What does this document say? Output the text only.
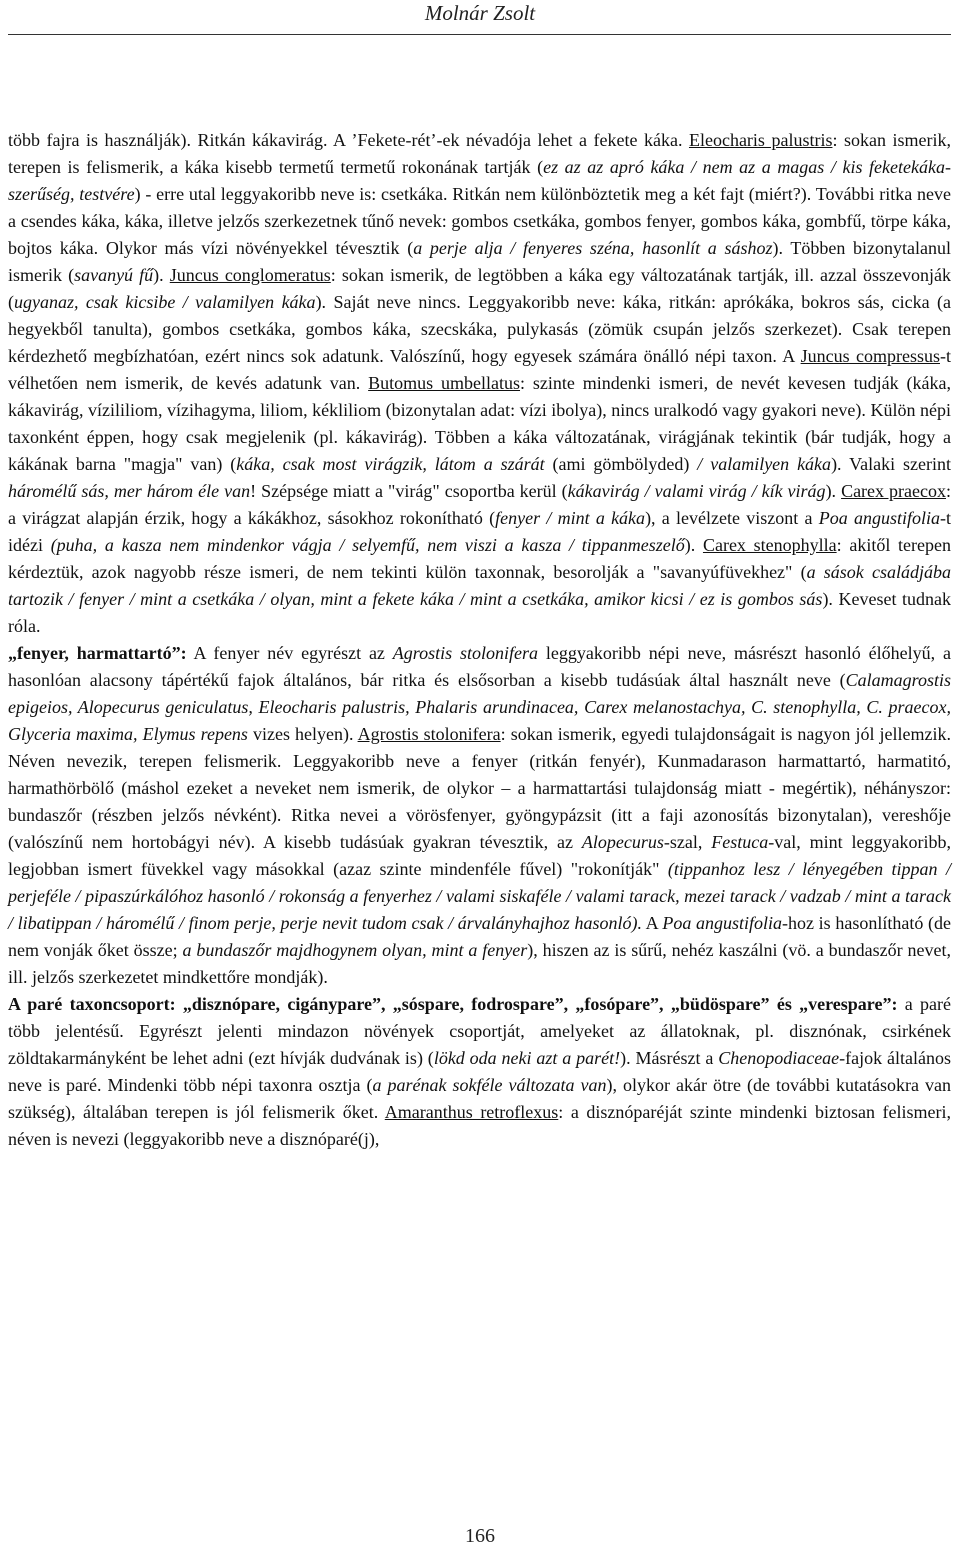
Molnár Zsolt

több fajra is használják). Ritkán kákavirág. A ’Fekete-rét’-ek névadója lehet a fekete káka. Eleocharis palustris: sokan ismerik, terepen is felismerik, a káka kisebb termetű termetű rokonának tartják (ez az az apró káka / nem az a magas / kis feketekáka-szerűség, testvére) - erre utal leggyakoribb neve is: csetkáka. Ritkán nem különböztetik meg a két fajt (miért?). További ritka neve a csendes káka, káka, illetve jelzős szerkezetnek tűnő nevek: gombos csetkáka, gombos fenyer, gombos káka, gombfű, törpe káka, bojtos káka. Olykor más vízi növényekkel tévesztik (a perje alja / fenyeres széna, hasonlít a sáshoz). Többen bizonytalanul ismerik (savanyú fű). Juncus conglomeratus: sokan ismerik, de legtöbben a káka egy változatának tartják, ill. azzal összevonják (ugyanaz, csak kicsibe / valamilyen káka). Saját neve nincs. Leggyakoribb neve: káka, ritkán: aprókáka, bokros sás, cicka (a hegyekből tanulta), gombos csetkáka, gombos káka, szecskáka, pulykasás (zömük csupán jelzős szerkezet). Csak terepen kérdezhető megbízhatóan, ezért nincs sok adatunk. Valószínű, hogy egyesek számára önálló népi taxon. A Juncus compressus-t vélhetően nem ismerik, de kevés adatunk van. Butomus umbellatus: szinte mindenki ismeri, de nevét kevesen tudják (káka, kákavirág, vízililiom, vízihagyma, liliom, kékliliom (bizonytalan adat: vízi ibolya), nincs uralkodó vagy gyakori neve). Külön népi taxonként éppen, hogy csak megjelenik (pl. kákavirág). Többen a káka változatának, virágjának tekintik (bár tudják, hogy a kákának barna "magja" van) (káka, csak most virágzik, látom a szárát (ami gömbölyded) / valamilyen káka). Valaki szerint háromélű sás, mer három éle van! Szépsége miatt a "virág" csoportba kerül (kákavirág / valami virág / kík virág). Carex praecox: a virágzat alapján érzik, hogy a kákákhoz, sásokhoz rokonítható (fenyer / mint a káka), a levélzete viszont a Poa angustifolia-t idézi (puha, a kasza nem mindenkor vágja / selyemfű, nem viszi a kasza / tippanmeszelő). Carex stenophylla: akitől terepen kérdeztük, azok nagyobb része ismeri, de nem tekinti külön taxonnak, besorolják a "savanyúfüvekhez" (a sások családjába tartozik / fenyer / mint a csetkáka / olyan, mint a fekete káka / mint a csetkáka, amikor kicsi / ez is gombos sás). Keveset tudnak róla.

„fenyer, harmattartó”: A fenyer név egyrészt az Agrostis stolonifera leggyakoribb népi neve, másrészt hasonló élőhelyű, a hasonlóan alacsony tápértékű fajok általános, bár ritka és elsősorban a kisebb tudásúak által használt neve (Calamagrostis epigeios, Alopecurus geniculatus, Eleocharis palustris, Phalaris arundinacea, Carex melanostachya, C. stenophylla, C. praecox, Glyceria maxima, Elymus repens vizes helyen). Agrostis stolonifera: sokan ismerik, egyedi tulajdonságait is nagyon jól jellemzik. Néven nevezik, terepen felismerik. Leggyakoribb neve a fenyer (ritkán fenyér), Kunmadarason harmattartó, harmatitó, harmathörbölő (máshol ezeket a neveket nem ismerik, de olykor – a harmattartási tulajdonság miatt - megértik), néhányszor: bundaszőr (részben jelzős névként). Ritka nevei a vörösfenyer, gyöngypázsit (itt a faji azonosítás bizonytalan), vereshője (valószínű nem hortobágyi név). A kisebb tudásúak gyakran tévesztik, az Alopecurus-szal, Festuca-val, mint leggyakoribb, legjobban ismert füvekkel vagy másokkal (azaz szinte mindenféle fűvel) "rokonítják" (tippanhoz lesz / lényegében tippan / perjeféle / pipaszúrkálóhoz hasonló / rokonság a fenyerhez / valami siskaféle / valami tarack, mezei tarack / vadzab / mint a tarack / libatippan / háromélű / finom perje, perje nevit tudom csak / árvalányhajhoz hasonló). A Poa angustifolia-hoz is hasonlítható (de nem vonják őket össze; a bundaszőr majdhogynem olyan, mint a fenyer), hiszen az is sűrű, nehéz kaszálni (vö. a bundaszőr nevet, ill. jelzős szerkezetet mindkettőre mondják).

A paré taxoncsoport: „disznópare, cigánypare”, „sóspare, fodrospare”, „fosópare”, „büdöspare” és „verespare”: a paré több jelentésű. Egyrészt jelenti mindazon növények csoportját, amelyeket az állatoknak, pl. disznónak, csirkének zöldtakarmányként be lehet adni (ezt hívják dudvának is) (lökd oda neki azt a parét!). Másrészt a Chenopodiaceae-fajok általános neve is paré. Mindenki több népi taxonra osztja (a parénak sokféle változata van), olykor akár ötre (de további kutatásokra van szükség), általában terepen is jól felismerik őket. Amaranthus retroflexus: a disznóparéját szinte mindenki biztosan felismeri, néven is nevezi (leggyakoribb neve a disznóparé(j),

166
